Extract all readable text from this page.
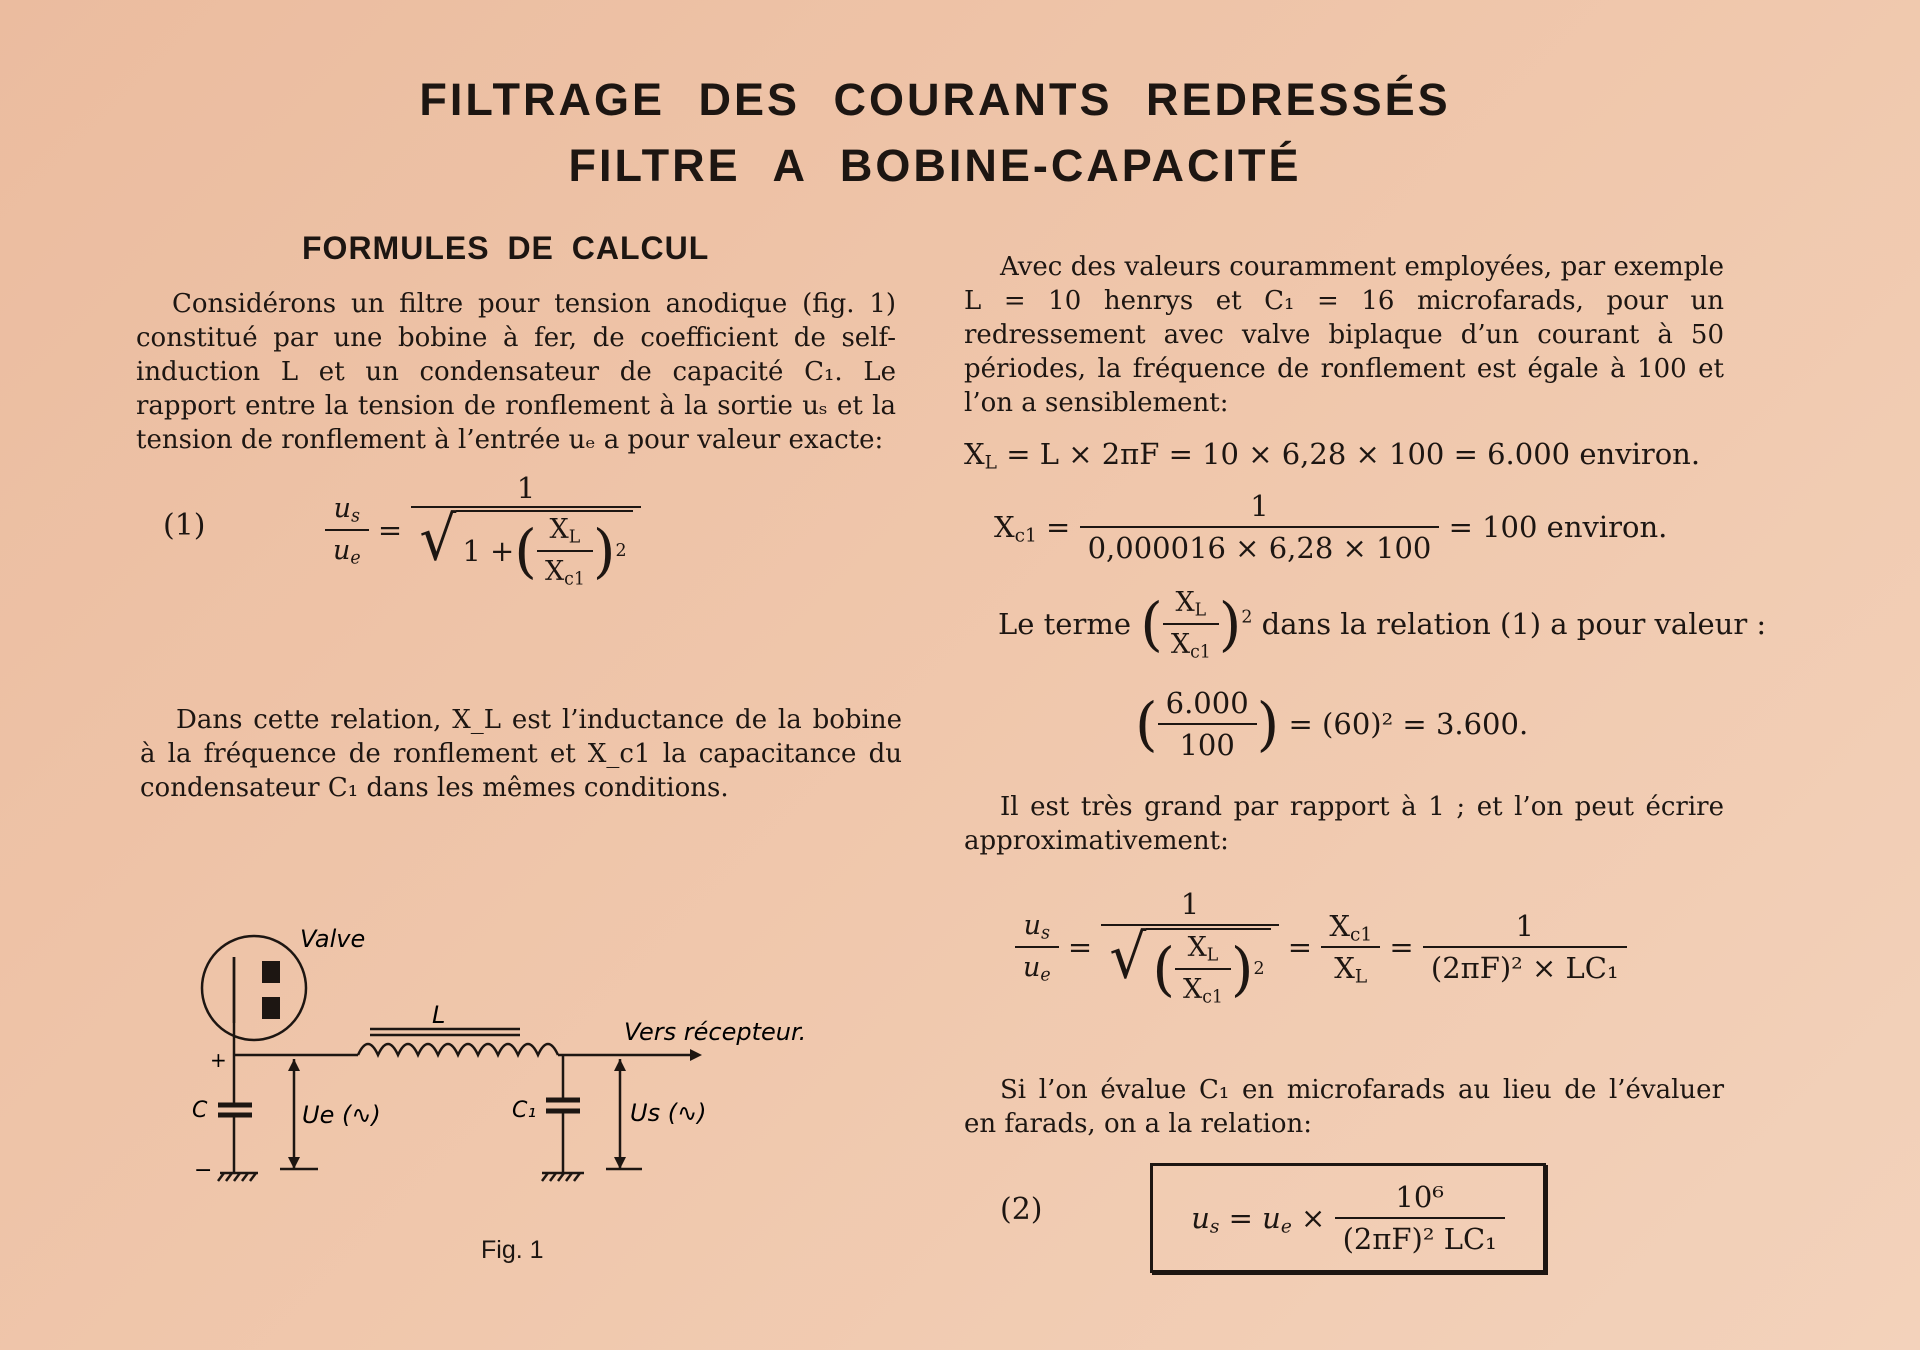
FILTRAGE DES COURANTS REDRESSÉS
FILTRE A BOBINE-CAPACITÉ
FORMULES DE CALCUL

Considérons un filtre pour tension anodique (fig. 1) constitué par une bobine à fer, de coefficient de self-induction L et un condensateur de capacité C₁. Le rapport entre la tension de ronflement à la sortie uₛ et la tension de ronflement à l’entrée uₑ a pour valeur exacte:

(1)	$\frac{u_s}{u_e} = \frac{1}{√ 1 + ( \frac{X_L}{X_{c1}} ) 2}$

Dans cette relation, X_L est l’inductance de la bobine à la fréquence de ronflement et X_c1 la capacitance du condensateur C₁ dans les mêmes conditions.

Valve
L
Vers récepteur.
C	C₁
Ue (∿)	Us (∿)
+
−
Fig. 1

Avec des valeurs couramment employées, par exemple L = 10 henrys et C₁ = 16 microfarads, pour un redressement avec valve biplaque d’un courant à 50 périodes, la fréquence de ronflement est égale à 100 et l’on a sensiblement:

$X_L = L \times 2\pi F = 10 \times 6,28 \times 100 = 6.000$ environ.
$X_{c1} = \frac{1}{0,000016 \times 6,28 \times 100} = 100$ environ.
Le terme ( $\frac{X_L}{X_{c1}} )^2$ dans la relation (1) a pour valeur :
( $\frac{6.000}{100}$ ) = (60)² = 3.600.

Il est très grand par rapport à 1 ; et l’on peut écrire approximativement:

$\frac{u_s}{u_e} = \frac{1}{√ ( \frac{X_L}{X_{c1}} ) 2} = \frac{X_{c1}}{X_L} = \frac{1}{\text{(2πF)² × LC₁}}$

Si l’on évalue C₁ en microfarads au lieu de l’évaluer en farads, on a la relation:

(2)	$u_s = u_e \times \frac{\text{10⁶}}{\text{(2πF)² LC₁}}$
